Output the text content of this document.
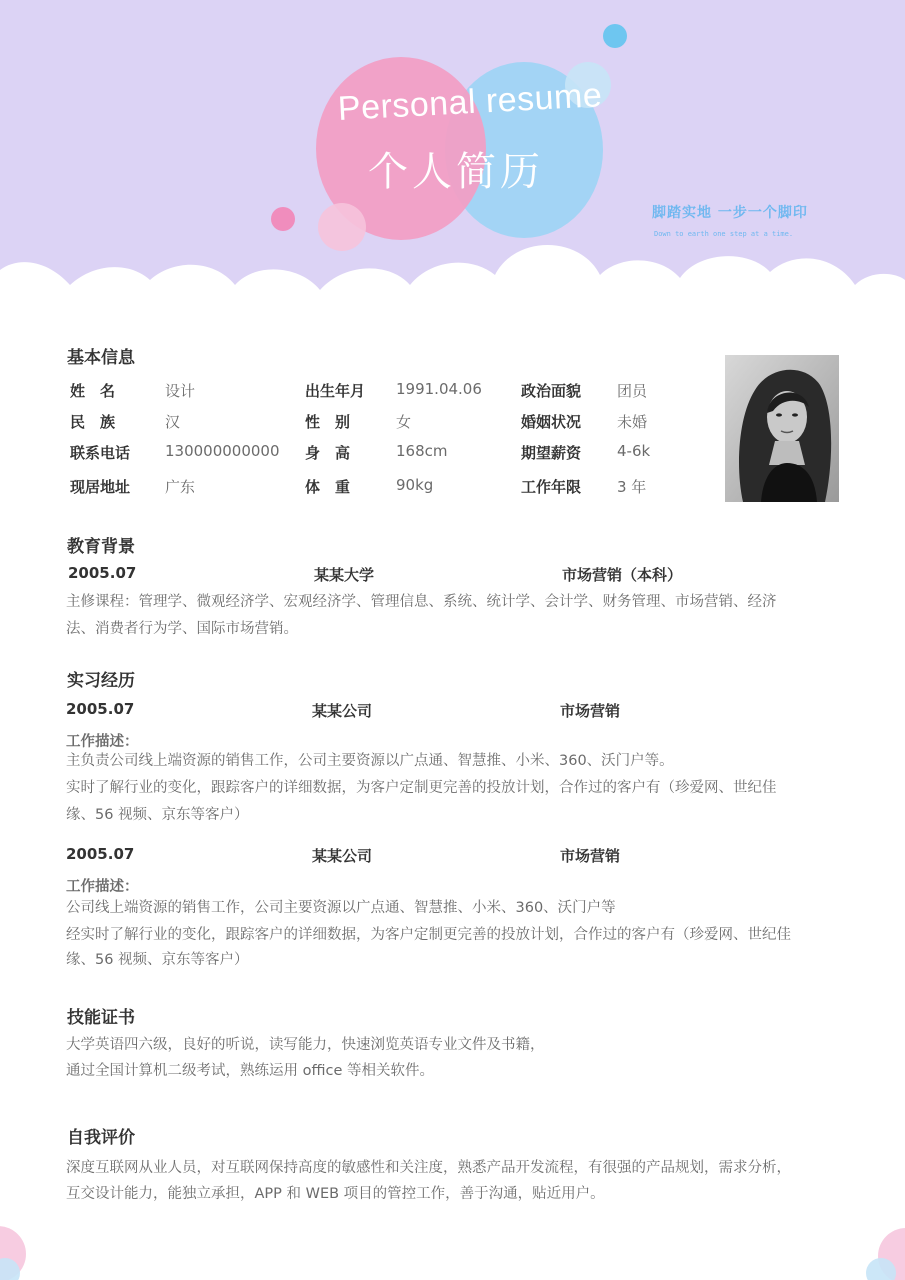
Personal resume
个人简历
脚踏实地 一步一个脚印
Down to earth one step at a time.
基本信息
姓　名	设计	出生年月 1991.04.06	政治面貌 团员
民　族	汉	性　别	女	婚姻状况 未婚
联系电话 130000000000 身　高	168cm	期望薪资 4-6k
现居地址 广东	体　重	90kg	工作年限 3 年
教育背景
2005.07	某某大学	市场营销（本科）
主修课程：管理学、微观经济学、宏观经济学、管理信息、系统、统计学、会计学、财务管理、市场营销、经济
法、消费者行为学、国际市场营销。
实习经历
2005.07	某某公司	市场营销
工作描述：
主负责公司线上端资源的销售工作，公司主要资源以广点通、智慧推、小米、360、沃门户等。
实时了解行业的变化，跟踪客户的详细数据，为客户定制更完善的投放计划，合作过的客户有（珍爱网、世纪佳
缘、56 视频、京东等客户）
2005.07	某某公司	市场营销
工作描述：
公司线上端资源的销售工作，公司主要资源以广点通、智慧推、小米、360、沃门户等
经实时了解行业的变化，跟踪客户的详细数据，为客户定制更完善的投放计划，合作过的客户有（珍爱网、世纪佳
缘、56 视频、京东等客户）
技能证书
大学英语四六级，良好的听说，读写能力，快速浏览英语专业文件及书籍，
通过全国计算机二级考试，熟练运用 office 等相关软件。
自我评价
深度互联网从业人员，对互联网保持高度的敏感性和关注度，熟悉产品开发流程，有很强的产品规划，需求分析，
互交设计能力，能独立承担，APP 和 WEB 项目的管控工作，善于沟通，贴近用户。
